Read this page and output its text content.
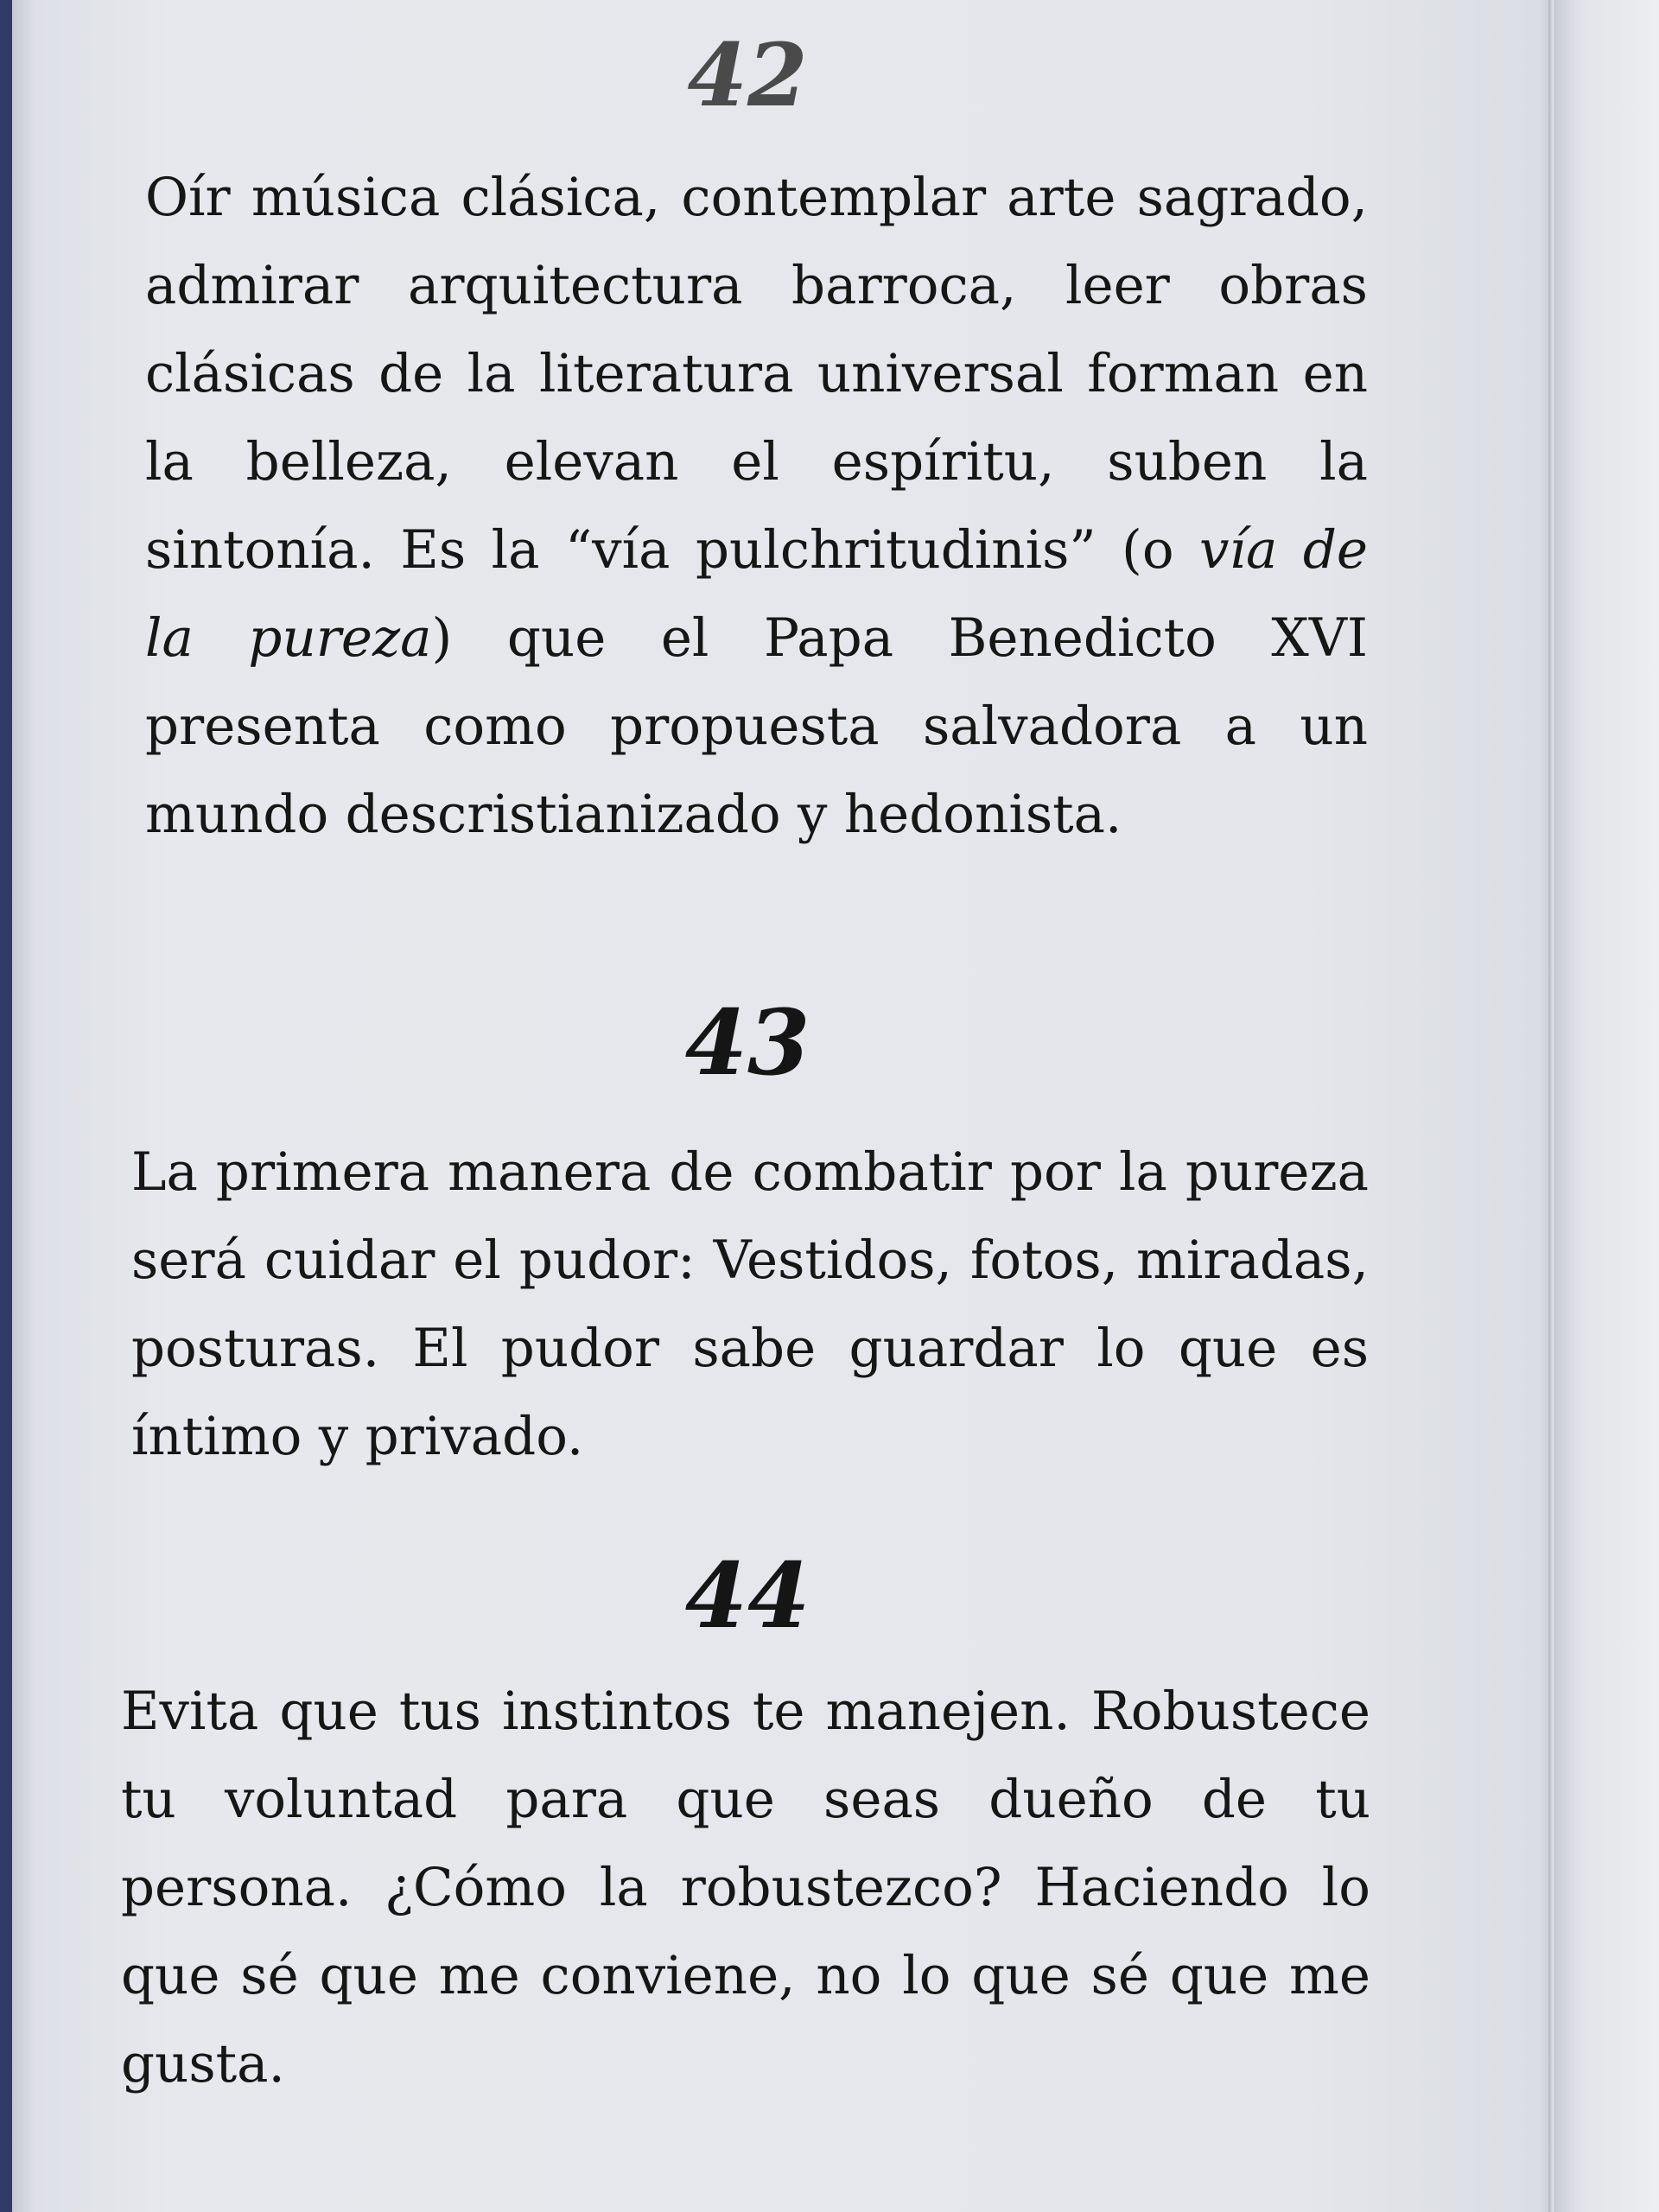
42

Oír música clásica, contemplar arte sagrado, admirar arquitectura barroca, leer obras clásicas de la literatura universal forman en la belleza, elevan el espíritu, suben la sintonía. Es la “vía pulchritudinis” (o vía de la pureza) que el Papa Benedicto XVI presenta como propuesta salvadora a un mundo descristianizado y hedonista.

43

La primera manera de combatir por la pureza será cuidar el pudor: Vestidos, fotos, miradas, posturas. El pudor sabe guardar lo que es íntimo y privado.

44

Evita que tus instintos te manejen. Robustece tu voluntad para que seas dueño de tu persona. ¿Cómo la robustezco? Haciendo lo que sé que me conviene, no lo que sé que me gusta.
